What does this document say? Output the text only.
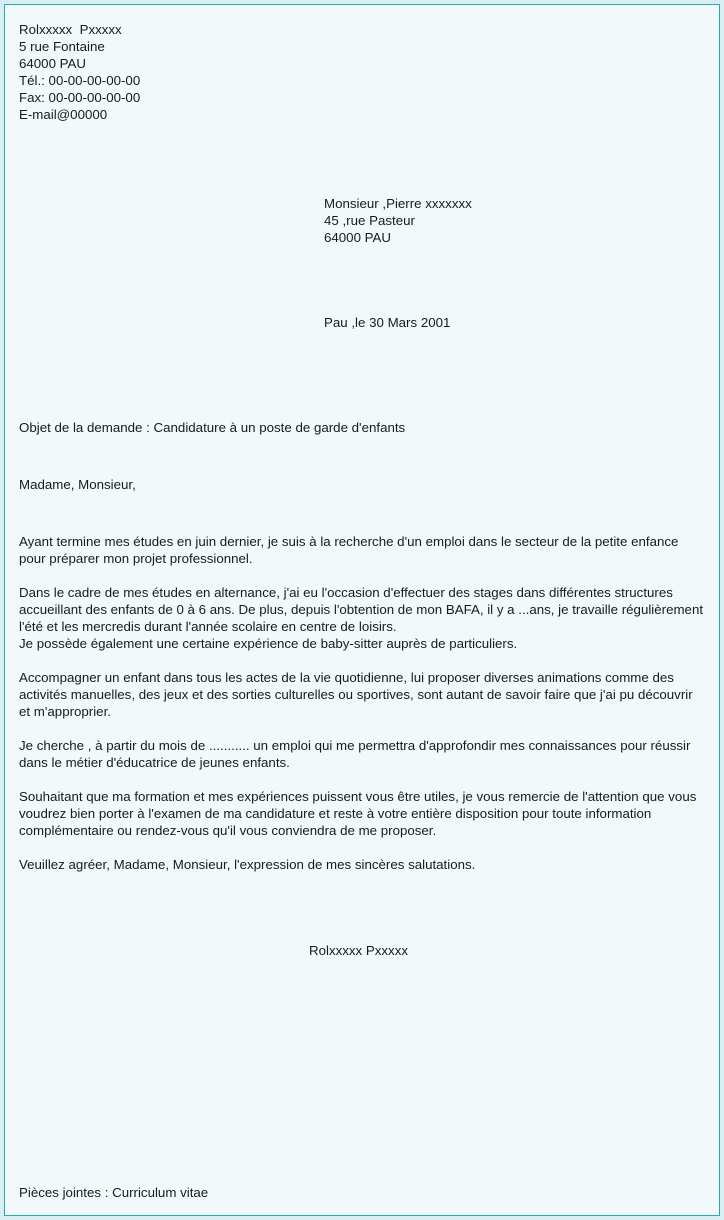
Rolxxxxx  Pxxxxx
5 rue Fontaine
64000 PAU
Tél.: 00-00-00-00-00
Fax: 00-00-00-00-00
E-mail@00000
Monsieur ,Pierre xxxxxxx
45 ,rue Pasteur
64000 PAU
Pau ,le 30 Mars 2001
Objet de la demande : Candidature à un poste de garde d'enfants
Madame, Monsieur,

Ayant termine mes études en juin dernier, je suis à la recherche d'un emploi dans le secteur de la petite enfance pour préparer mon projet professionnel.

Dans le cadre de mes études en alternance, j'ai eu l'occasion d'effectuer des stages dans différentes structures accueillant des enfants de 0 à 6 ans. De plus, depuis l'obtention de mon BAFA, il y a ...ans, je travaille régulièrement l'été et les mercredis durant l'année scolaire en centre de loisirs.

Je possède également une certaine expérience de baby-sitter auprès de particuliers.

Accompagner un enfant dans tous les actes de la vie quotidienne, lui proposer diverses animations comme des activités manuelles, des jeux et des sorties culturelles ou sportives, sont autant de savoir faire que j'ai pu découvrir et m'approprier.

Je cherche , à partir du mois de ........... un emploi qui me permettra d'approfondir mes connaissances pour réussir dans le métier d'éducatrice de jeunes enfants.

Souhaitant que ma formation et mes expériences puissent vous être utiles, je vous remercie de l'attention que vous voudrez bien porter à l'examen de ma candidature et reste à votre entière disposition pour toute information complémentaire ou rendez-vous qu'il vous conviendra de me proposer.

Veuillez agréer, Madame, Monsieur, l'expression de mes sincères salutations.

Rolxxxxx Pxxxxx
Pièces jointes : Curriculum vitae
